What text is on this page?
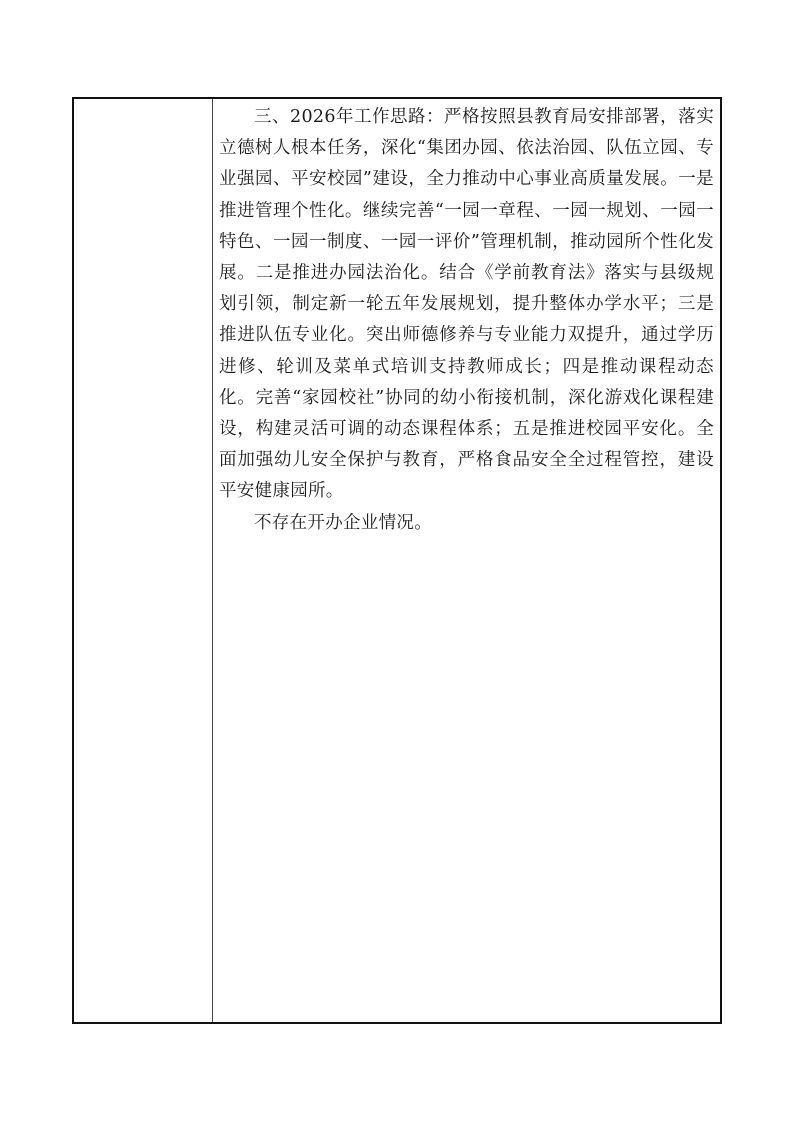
三、2026年工作思路：严格按照县教育局安排部署，落实立德树人根本任务，深化“集团办园、依法治园、队伍立园、专业强园、平安校园”建设，全力推动中心事业高质量发展。一是推进管理个性化。继续完善“一园一章程、一园一规划、一园一特色、一园一制度、一园一评价”管理机制，推动园所个性化发展。二是推进办园法治化。结合《学前教育法》落实与县级规划引领，制定新一轮五年发展规划，提升整体办学水平；三是推进队伍专业化。突出师德修养与专业能力双提升，通过学历进修、轮训及菜单式培训支持教师成长；四是推动课程动态化。完善“家园校社”协同的幼小衔接机制，深化游戏化课程建设，构建灵活可调的动态课程体系；五是推进校园平安化。全面加强幼儿安全保护与教育，严格食品安全全过程管控，建设平安健康园所。

不存在开办企业情况。
